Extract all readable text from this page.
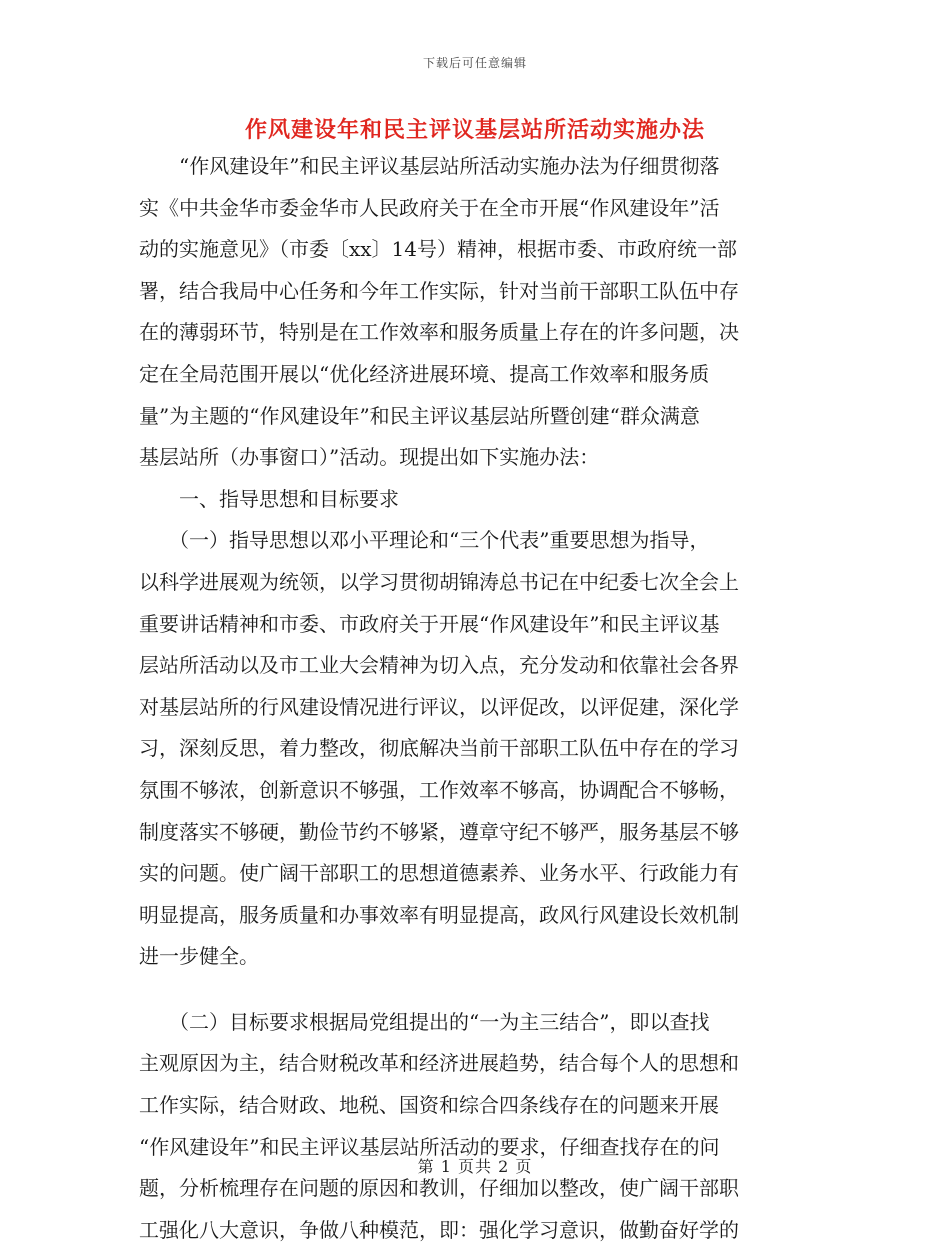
下载后可任意编辑
作风建设年和民主评议基层站所活动实施办法
　　“作风建设年”和民主评议基层站所活动实施办法为仔细贯彻落
实《中共金华市委金华市人民政府关于在全市开展“作风建设年”活
动的实施意见》（市委〔xx〕14号）精神，根据市委、市政府统一部
署，结合我局中心任务和今年工作实际，针对当前干部职工队伍中存
在的薄弱环节，特别是在工作效率和服务质量上存在的许多问题，决
定在全局范围开展以“优化经济进展环境、提高工作效率和服务质
量”为主题的“作风建设年”和民主评议基层站所暨创建“群众满意
基层站所（办事窗口）”活动。现提出如下实施办法：
　　一、指导思想和目标要求
　　（一）指导思想以邓小平理论和“三个代表”重要思想为指导，
以科学进展观为统领，以学习贯彻胡锦涛总书记在中纪委七次全会上
重要讲话精神和市委、市政府关于开展“作风建设年”和民主评议基
层站所活动以及市工业大会精神为切入点，充分发动和依靠社会各界
对基层站所的行风建设情况进行评议，以评促改，以评促建，深化学
习，深刻反思，着力整改，彻底解决当前干部职工队伍中存在的学习
氛围不够浓，创新意识不够强，工作效率不够高，协调配合不够畅，
制度落实不够硬，勤俭节约不够紧，遵章守纪不够严，服务基层不够
实的问题。使广阔干部职工的思想道德素养、业务水平、行政能力有
明显提高，服务质量和办事效率有明显提高，政风行风建设长效机制
进一步健全。
　　（二）目标要求根据局党组提出的“一为主三结合”，即以查找
主观原因为主，结合财税改革和经济进展趋势，结合每个人的思想和
工作实际，结合财政、地税、国资和综合四条线存在的问题来开展
“作风建设年”和民主评议基层站所活动的要求，仔细查找存在的问
题，分析梳理存在问题的原因和教训，仔细加以整改，使广阔干部职
工强化八大意识，争做八种模范，即：强化学习意识，做勤奋好学的
第 1 页共 2 页
